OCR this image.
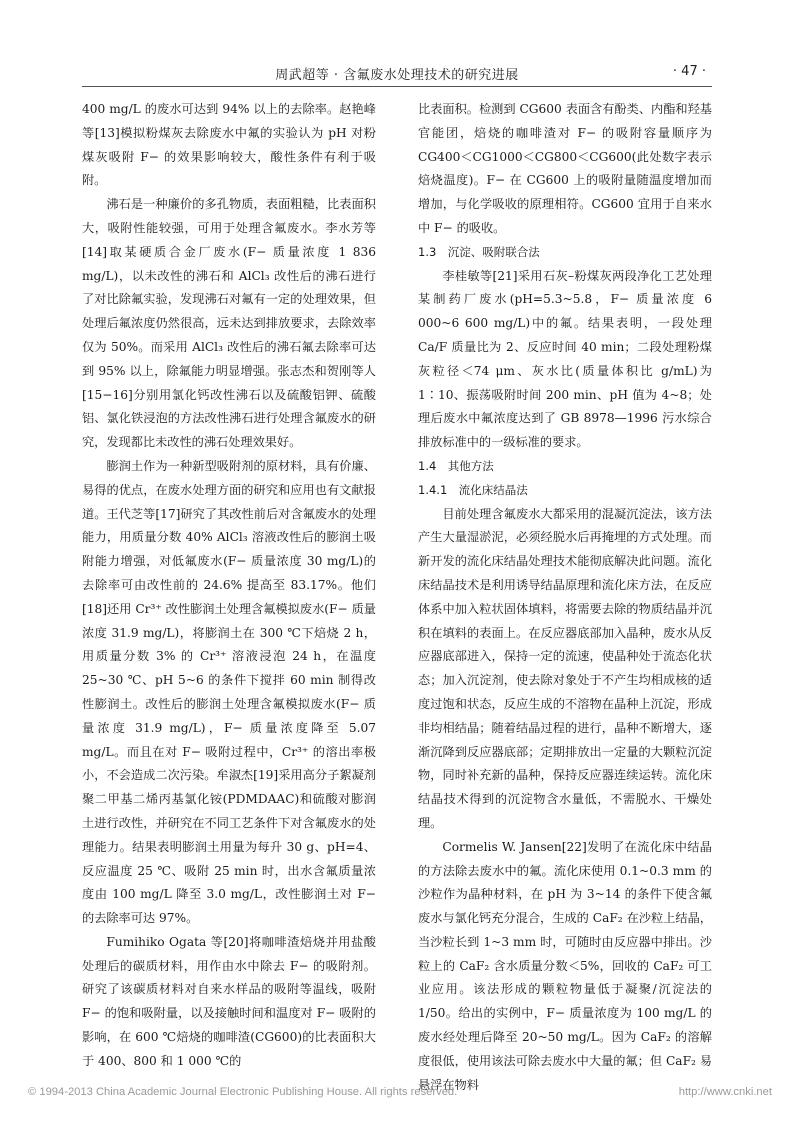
周武超等 · 含氟废水处理技术的研究进展	· 47 ·

400 mg/L 的废水可达到 94% 以上的去除率。赵艳峰等[13]模拟粉煤灰去除废水中氟的实验认为 pH 对粉煤灰吸附 F− 的效果影响较大，酸性条件有利于吸附。

沸石是一种廉价的多孔物质，表面粗糙，比表面积大，吸附性能较强，可用于处理含氟废水。李水芳等[14]取某硬质合金厂废水(F− 质量浓度 1 836 mg/L)，以未改性的沸石和 AlCl₃ 改性后的沸石进行了对比除氟实验，发现沸石对氟有一定的处理效果，但处理后氟浓度仍然很高，远未达到排放要求，去除效率仅为 50%。而采用 AlCl₃ 改性后的沸石氟去除率可达到 95% 以上，除氟能力明显增强。张志杰和贺刚等人[15−16]分别用氯化钙改性沸石以及硫酸铝钾、硫酸铝、氯化铁浸泡的方法改性沸石进行处理含氟废水的研究，发现都比未改性的沸石处理效果好。

膨润土作为一种新型吸附剂的原材料，具有价廉、易得的优点，在废水处理方面的研究和应用也有文献报道。王代芝等[17]研究了其改性前后对含氟废水的处理能力，用质量分数 40% AlCl₃ 溶液改性后的膨润土吸附能力增强，对低氟废水(F− 质量浓度 30 mg/L)的去除率可由改性前的 24.6% 提高至 83.17%。他们[18]还用 Cr³⁺ 改性膨润土处理含氟模拟废水(F− 质量浓度 31.9 mg/L)，将膨润土在 300 ℃下焙烧 2 h，用质量分数 3% 的 Cr³⁺ 溶液浸泡 24 h，在温度 25~30 ℃、pH 5~6 的条件下搅拌 60 min 制得改性膨润土。改性后的膨润土处理含氟模拟废水(F− 质量浓度 31.9 mg/L)，F− 质量浓度降至 5.07 mg/L。而且在对 F− 吸附过程中，Cr³⁺ 的溶出率极小，不会造成二次污染。牟淑杰[19]采用高分子絮凝剂聚二甲基二烯丙基氯化铵(PDMDAAC)和硫酸对膨润土进行改性，并研究在不同工艺条件下对含氟废水的处理能力。结果表明膨润土用量为每升 30 g、pH=4、反应温度 25 ℃、吸附 25 min 时，出水含氟质量浓度由 100 mg/L 降至 3.0 mg/L，改性膨润土对 F− 的去除率可达 97%。

Fumihiko Ogata 等[20]将咖啡渣焙烧并用盐酸处理后的碳质材料，用作由水中除去 F− 的吸附剂。研究了该碳质材料对自来水样品的吸附等温线，吸附 F− 的饱和吸附量，以及接触时间和温度对 F− 吸附的影响，在 600 ℃焙烧的咖啡渣(CG600)的比表面积大于 400、800 和 1 000 ℃的

比表面积。检测到 CG600 表面含有酚类、内酯和羟基官能团，焙烧的咖啡渣对 F− 的吸附容量顺序为 CG400＜CG1000＜CG800＜CG600(此处数字表示焙烧温度)。F− 在 CG600 上的吸附量随温度增加而增加，与化学吸收的原理相符。CG600 宜用于自来水中 F− 的吸收。

1.3　沉淀、吸附联合法

李桂敏等[21]采用石灰–粉煤灰两段净化工艺处理某制药厂废水(pH=5.3~5.8，F− 质量浓度 6 000~6 600 mg/L)中的氟。结果表明，一段处理 Ca/F 质量比为 2、反应时间 40 min；二段处理粉煤灰粒径＜74 μm、灰水比(质量体积比 g/mL)为 1∶10、振荡吸附时间 200 min、pH 值为 4~8；处理后废水中氟浓度达到了 GB 8978—1996 污水综合排放标准中的一级标准的要求。

1.4　其他方法

1.4.1　流化床结晶法

目前处理含氟废水大都采用的混凝沉淀法，该方法产生大量湿淤泥，必须经脱水后再掩埋的方式处理。而新开发的流化床结晶处理技术能彻底解决此问题。流化床结晶技术是利用诱导结晶原理和流化床方法，在反应体系中加入粒状固体填料，将需要去除的物质结晶并沉积在填料的表面上。在反应器底部加入晶种，废水从反应器底部进入，保持一定的流速，使晶种处于流态化状态；加入沉淀剂，使去除对象处于不产生均相成核的适度过饱和状态，反应生成的不溶物在晶种上沉淀，形成非均相结晶；随着结晶过程的进行，晶种不断增大，逐渐沉降到反应器底部；定期排放出一定量的大颗粒沉淀物，同时补充新的晶种，保持反应器连续运转。流化床结晶技术得到的沉淀物含水量低，不需脱水、干燥处理。

Cormelis W. Jansen[22]发明了在流化床中结晶的方法除去废水中的氟。流化床使用 0.1~0.3 mm 的沙粒作为晶种材料，在 pH 为 3~14 的条件下使含氟废水与氯化钙充分混合，生成的 CaF₂ 在沙粒上结晶，当沙粒长到 1~3 mm 时，可随时由反应器中排出。沙粒上的 CaF₂ 含水质量分数＜5%，回收的 CaF₂ 可工业应用。该法形成的颗粒物量低于凝聚/沉淀法的 1/50。给出的实例中，F− 质量浓度为 100 mg/L 的废水经处理后降至 20~50 mg/L。因为 CaF₂ 的溶解度很低，使用该法可除去废水中大量的氟；但 CaF₂ 易悬浮在物料

© 1994-2013 China Academic Journal Electronic Publishing House. All rights reserved.	http://www.cnki.net
